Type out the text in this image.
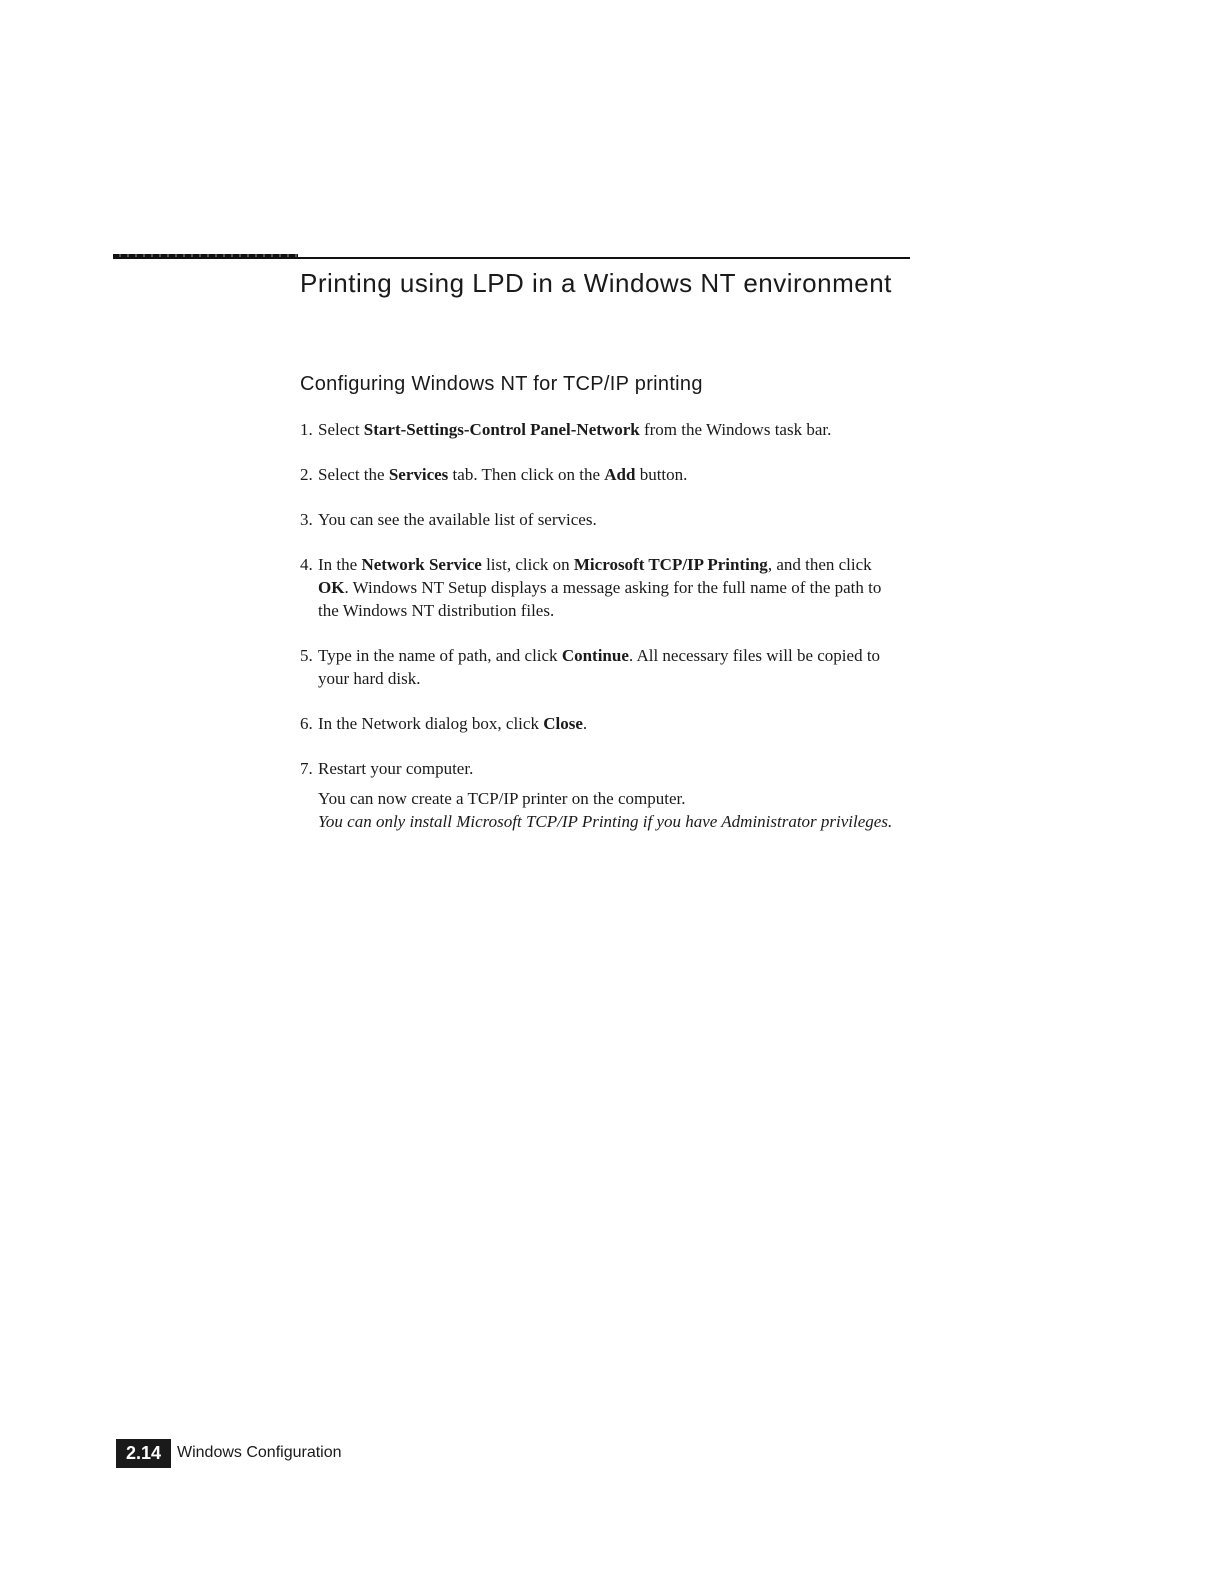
Printing using LPD in a Windows NT environment
Configuring Windows NT for TCP/IP printing
1. Select Start-Settings-Control Panel-Network from the Windows task bar.
2. Select the Services tab. Then click on the Add button.
3. You can see the available list of services.
4. In the Network Service list, click on Microsoft TCP/IP Printing, and then click OK. Windows NT Setup displays a message asking for the full name of the path to the Windows NT distribution files.
5. Type in the name of path, and click Continue. All necessary files will be copied to your hard disk.
6. In the Network dialog box, click Close.
7. Restart your computer.
You can now create a TCP/IP printer on the computer.
You can only install Microsoft TCP/IP Printing if you have Administrator privileges.
2.14 Windows Configuration
